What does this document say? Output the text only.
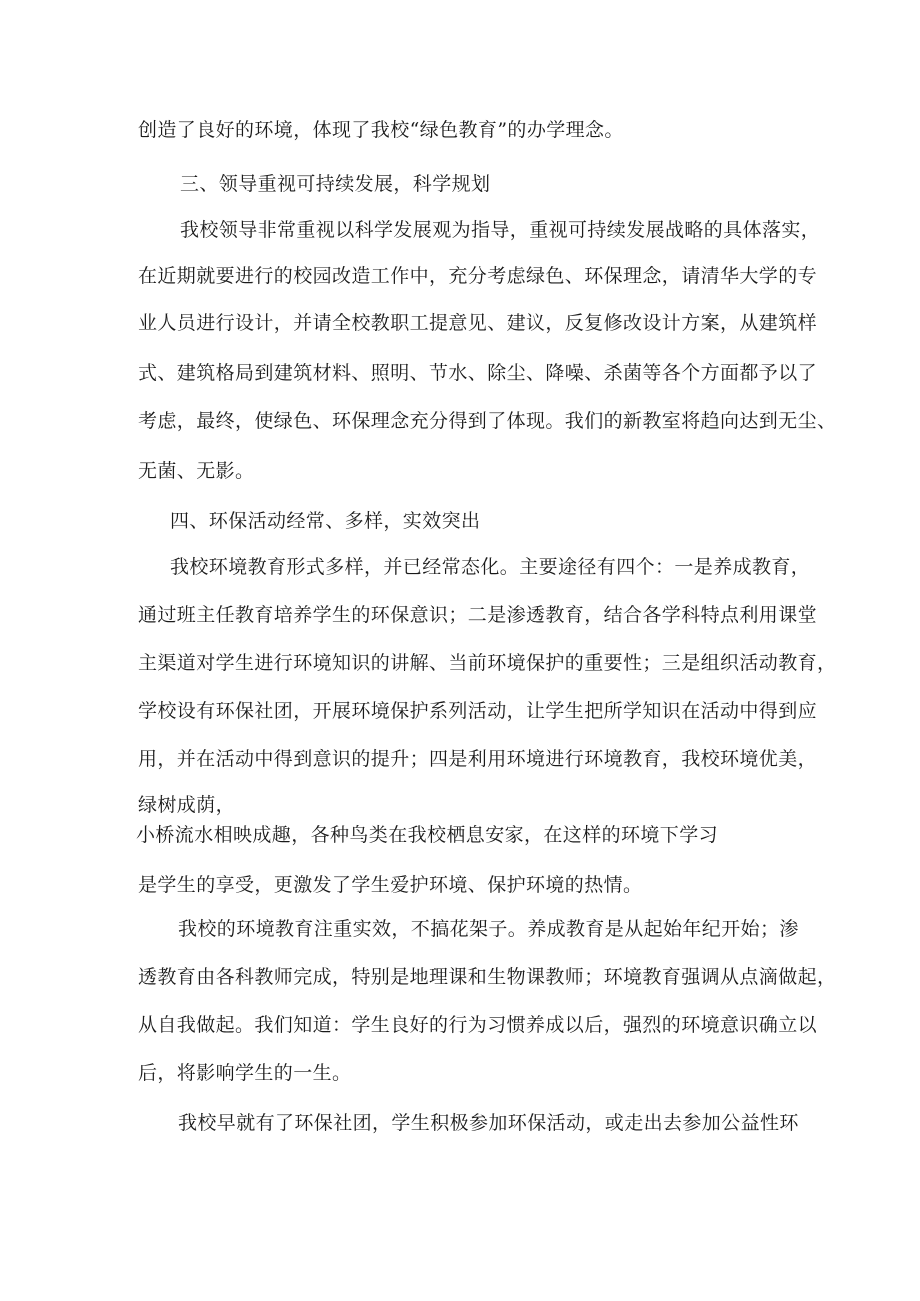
创造了良好的环境，体现了我校“绿色教育”的办学理念。
三、领导重视可持续发展，科学规划
我校领导非常重视以科学发展观为指导，重视可持续发展战略的具体落实，
在近期就要进行的校园改造工作中，充分考虑绿色、环保理念，请清华大学的专
业人员进行设计，并请全校教职工提意见、建议，反复修改设计方案，从建筑样
式、建筑格局到建筑材料、照明、节水、除尘、降噪、杀菌等各个方面都予以了
考虑，最终，使绿色、环保理念充分得到了体现。我们的新教室将趋向达到无尘、
无菌、无影。
四、环保活动经常、多样，实效突出
我校环境教育形式多样，并已经常态化。主要途径有四个：一是养成教育，
通过班主任教育培养学生的环保意识；二是渗透教育，结合各学科特点利用课堂
主渠道对学生进行环境知识的讲解、当前环境保护的重要性；三是组织活动教育，
学校设有环保社团，开展环境保护系列活动，让学生把所学知识在活动中得到应
用，并在活动中得到意识的提升；四是利用环境进行环境教育，我校环境优美，
绿树成荫，
小桥流水相映成趣，各种鸟类在我校栖息安家，在这样的环境下学习
是学生的享受，更激发了学生爱护环境、保护环境的热情。
我校的环境教育注重实效，不搞花架子。养成教育是从起始年纪开始；渗
透教育由各科教师完成，特别是地理课和生物课教师；环境教育强调从点滴做起，
从自我做起。我们知道：学生良好的行为习惯养成以后，强烈的环境意识确立以
后，将影响学生的一生。
我校早就有了环保社团，学生积极参加环保活动，或走出去参加公益性环
